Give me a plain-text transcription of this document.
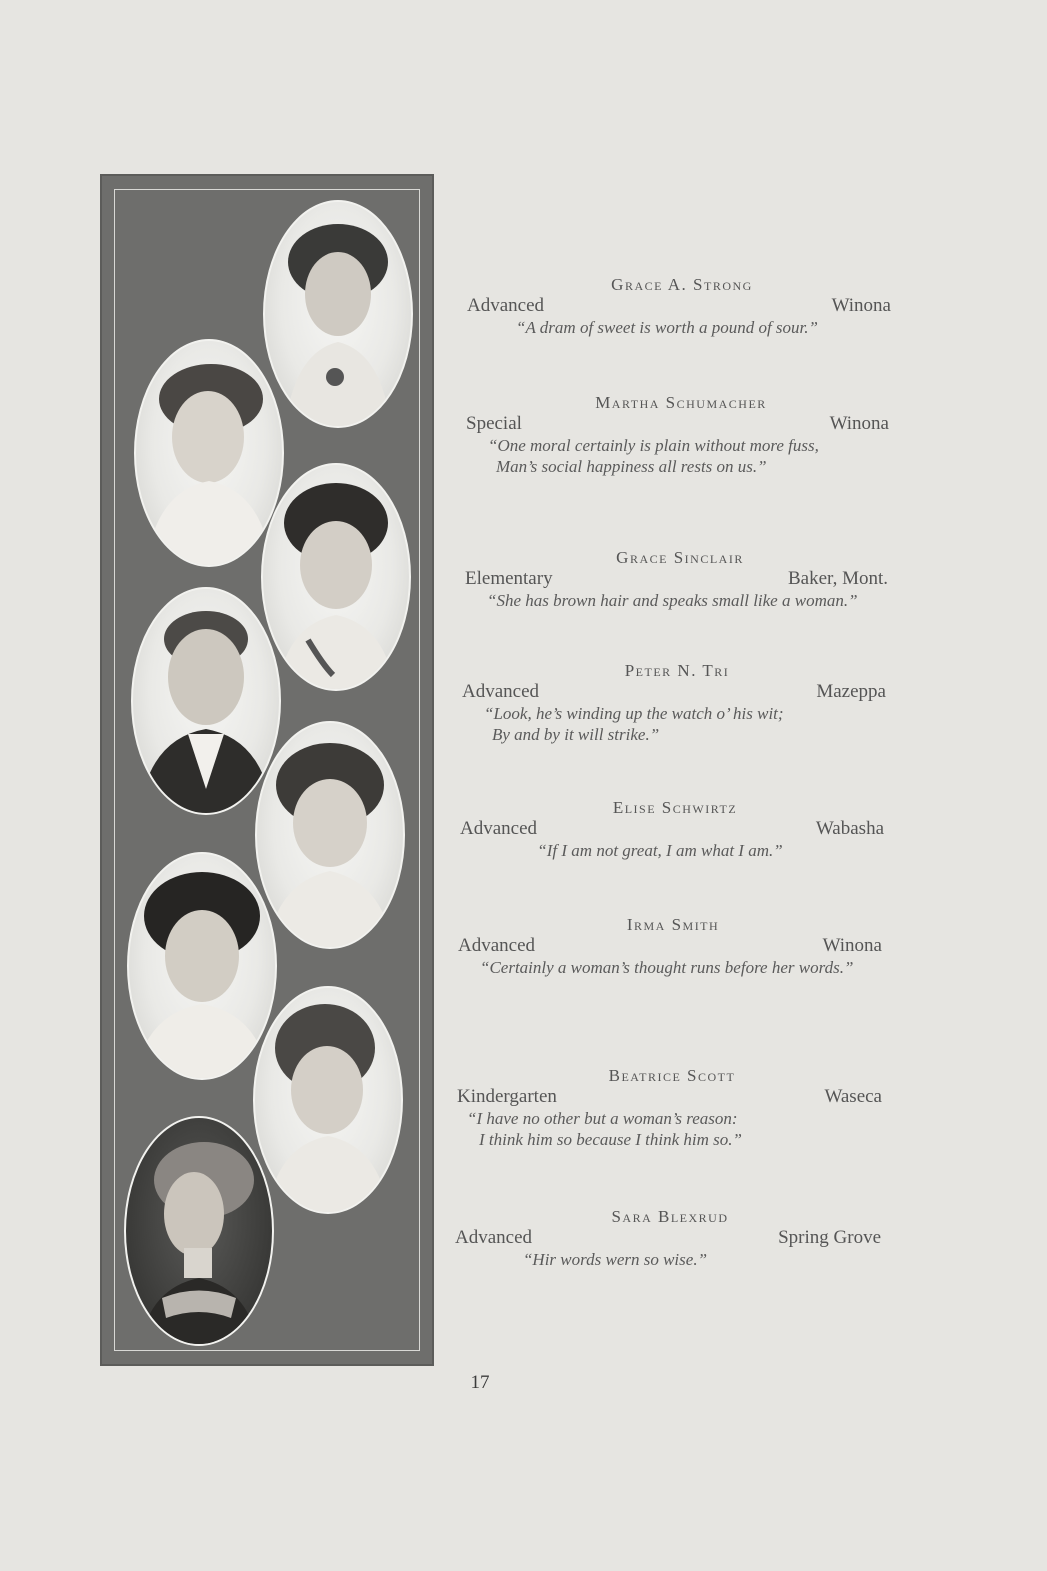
Grace A. Strong
Advanced	Winona
“A dram of sweet is worth a pound of sour.”
Martha Schumacher
Special	Winona
“One moral certainly is plain without more fuss,
Man’s social happiness all rests on us.”
Grace Sinclair
Elementary	Baker, Mont.
“She has brown hair and speaks small like a woman.”
Peter N. Tri
Advanced	Mazeppa
“Look, he’s winding up the watch o’ his wit;
By and by it will strike.”
Elise Schwirtz
Advanced	Wabasha
“If I am not great, I am what I am.”
Irma Smith
Advanced	Winona
“Certainly a woman’s thought runs before her words.”
Beatrice Scott
Kindergarten	Waseca
“I have no other but a woman’s reason:
I think him so because I think him so.”
Sara Blexrud
Advanced	Spring Grove
“Hir words wern so wise.”
17
